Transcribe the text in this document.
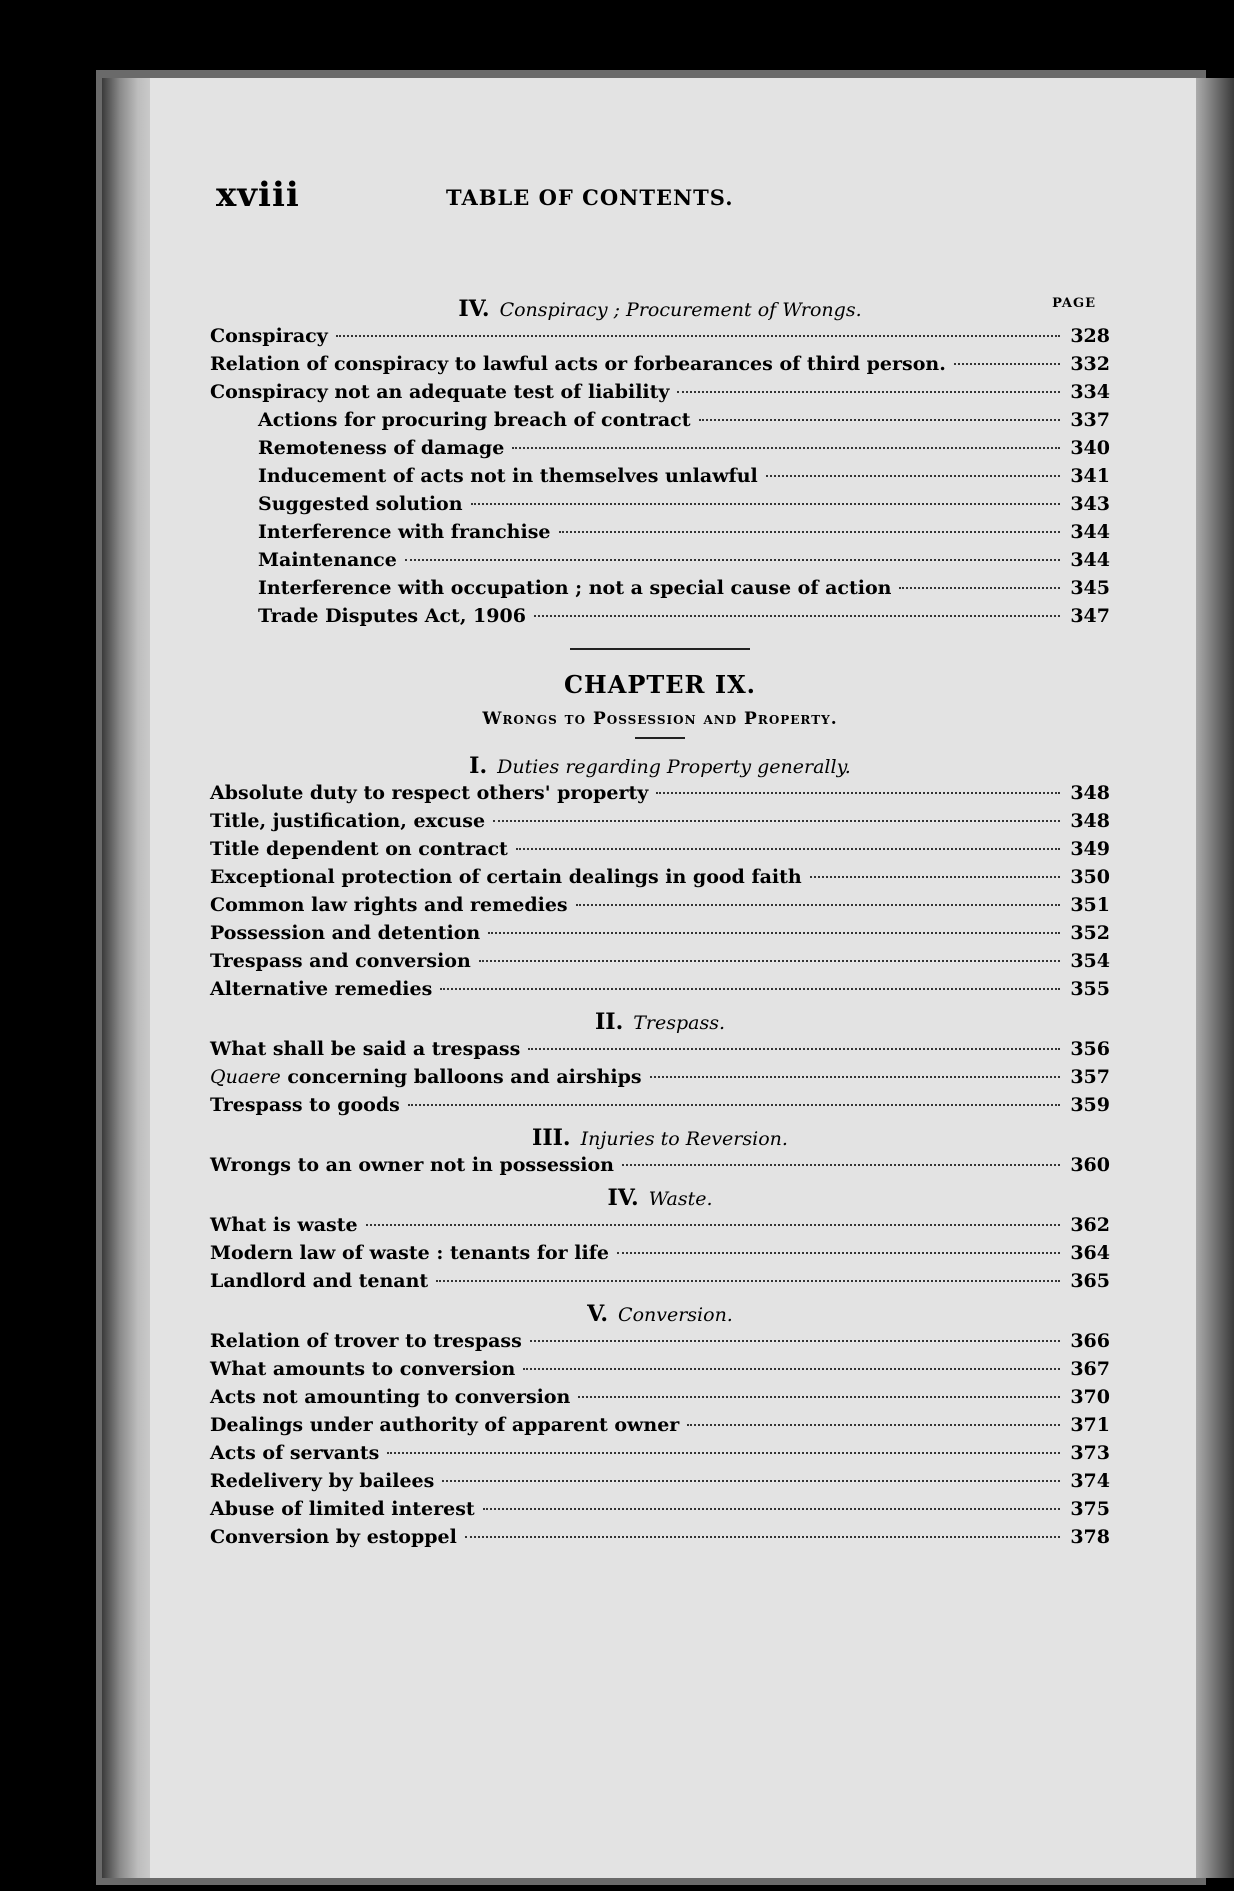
xviii	TABLE OF CONTENTS.

IV. Conspiracy ; Procurement of Wrongs.	PAGE

Conspiracy	328
Relation of conspiracy to lawful acts or forbearances of third person.	332
Conspiracy not an adequate test of liability	334
Actions for procuring breach of contract	337
Remoteness of damage	340
Inducement of acts not in themselves unlawful	341
Suggested solution	343
Interference with franchise	344
Maintenance	344
Interference with occupation ; not a special cause of action	345
Trade Disputes Act, 1906	347
CHAPTER IX.
Wrongs to Possession and Property.

I. Duties regarding Property generally.

Absolute duty to respect others' property	348
Title, justification, excuse	348
Title dependent on contract	349
Exceptional protection of certain dealings in good faith	350
Common law rights and remedies	351
Possession and detention	352
Trespass and conversion	354
Alternative remedies	355

II. Trespass.

What shall be said a trespass	356
Quaere concerning balloons and airships	357
Trespass to goods	359

III. Injuries to Reversion.

Wrongs to an owner not in possession	360

IV. Waste.

What is waste	362
Modern law of waste : tenants for life	364
Landlord and tenant	365

V. Conversion.

Relation of trover to trespass	366
What amounts to conversion	367
Acts not amounting to conversion	370
Dealings under authority of apparent owner	371
Acts of servants	373
Redelivery by bailees	374
Abuse of limited interest	375
Conversion by estoppel	378
